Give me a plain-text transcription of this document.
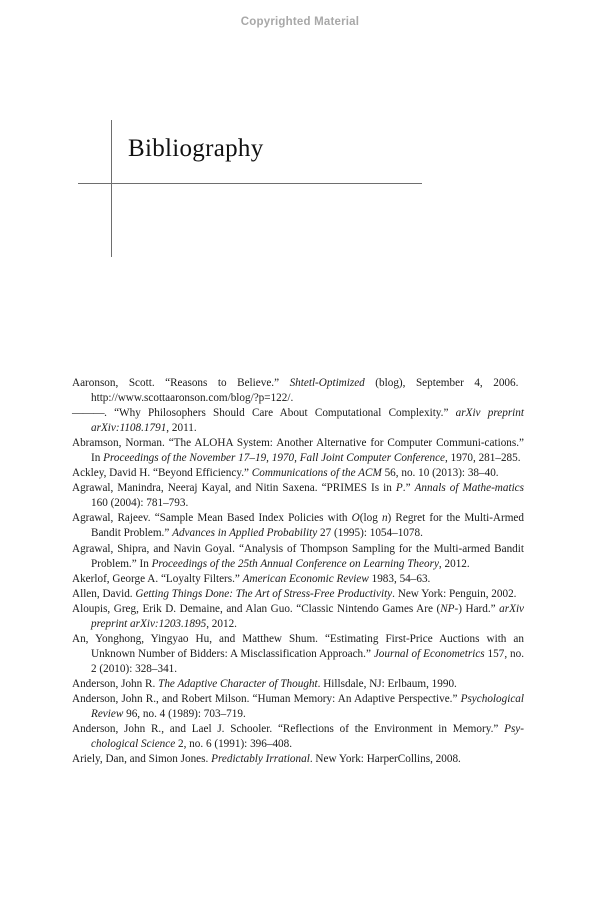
Copyrighted Material
Bibliography

Aaronson, Scott. “Reasons to Believe.” Shtetl-Optimized (blog), September 4, 2006.  http://www.scottaaronson.com/blog/?p=122/.

———. “Why Philosophers Should Care About Computational Complexity.” arXiv preprint arXiv:1108.1791, 2011.

Abramson, Norman. “The ALOHA System: Another Alternative for Computer Communi-cations.” In Proceedings of the November 17–19, 1970, Fall Joint Computer Conference, 1970, 281–285.

Ackley, David H. “Beyond Efficiency.” Communications of the ACM 56, no. 10 (2013): 38–40.

Agrawal, Manindra, Neeraj Kayal, and Nitin Saxena. “PRIMES Is in P.” Annals of Mathe-matics 160 (2004): 781–793.

Agrawal, Rajeev. “Sample Mean Based Index Policies with O(log n) Regret for the Multi-Armed Bandit Problem.” Advances in Applied Probability 27 (1995): 1054–1078.

Agrawal, Shipra, and Navin Goyal. “Analysis of Thompson Sampling for the Multi-armed Bandit Problem.” In Proceedings of the 25th Annual Conference on Learning Theory, 2012.

Akerlof, George A. “Loyalty Filters.” American Economic Review 1983, 54–63.

Allen, David. Getting Things Done: The Art of Stress-Free Productivity. New York: Penguin, 2002.

Aloupis, Greg, Erik D. Demaine, and Alan Guo. “Classic Nintendo Games Are (NP-) Hard.” arXiv preprint arXiv:1203.1895, 2012.

An, Yonghong, Yingyao Hu, and Matthew Shum. “Estimating First-Price Auctions with an Unknown Number of Bidders: A Misclassification Approach.” Journal of Econometrics 157, no. 2 (2010): 328–341.

Anderson, John R. The Adaptive Character of Thought. Hillsdale, NJ: Erlbaum, 1990.

Anderson, John R., and Robert Milson. “Human Memory: An Adaptive Perspective.” Psychological Review 96, no. 4 (1989): 703–719.

Anderson, John R., and Lael J. Schooler. “Reflections of the Environment in Memory.” Psy-chological Science 2, no. 6 (1991): 396–408.

Ariely, Dan, and Simon Jones. Predictably Irrational. New York: HarperCollins, 2008.
